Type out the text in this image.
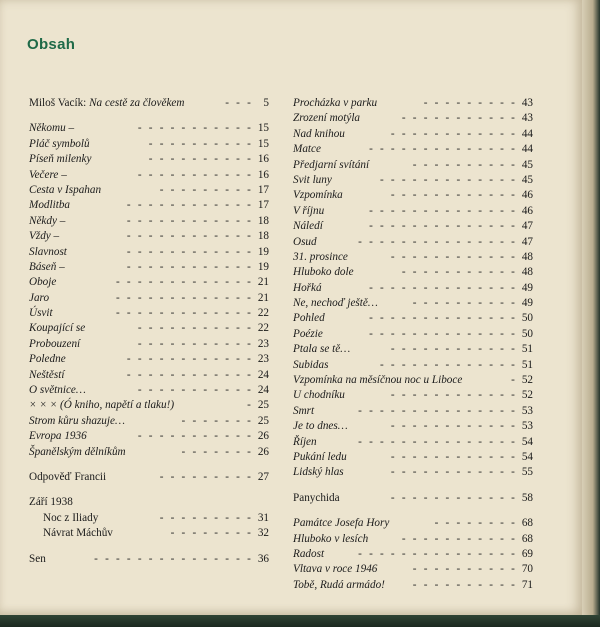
Obsah
Miloš Vacík: Na cestě za člověkem	- - - 5
Někomu –	- - - - - - - - - - - 15
Pláč symbolů	- - - - - - - - - - 15
Píseň milenky	- - - - - - - - - - 16
Večere –	- - - - - - - - - - - 16
Cesta v Ispahan	- - - - - - - - - 17
Modlitba	- - - - - - - - - - - - 17
Někdy –	- - - - - - - - - - - - 18
Vždy –	- - - - - - - - - - - - 18
Slavnost	- - - - - - - - - - - - 19
Báseň –	- - - - - - - - - - - - 19
Oboje	- - - - - - - - - - - - - 21
Jaro	- - - - - - - - - - - - - 21
Úsvit	- - - - - - - - - - - - - 22
Koupající se	- - - - - - - - - - - 22
Probouzení	- - - - - - - - - - - 23
Poledne	- - - - - - - - - - - - 23
Neštěstí	- - - - - - - - - - - - 24
O světnice…	- - - - - - - - - - - 24
× × × (Ó kniho, napětí a tlaku!)	- 25
Strom kůru shazuje…	- - - - - - - 25
Evropa 1936	- - - - - - - - - - - 26
Španělským dělníkům	- - - - - - - 26
Odpověď Francii	- - - - - - - - - 27
Září 1938
Noc z Iliady	- - - - - - - - - 31
Návrat Máchův	- - - - - - - - 32
Sen	- - - - - - - - - - - - - - - 36
Procházka v parku	- - - - - - - - - 43
Zrození motýla	- - - - - - - - - - - 43
Nad knihou	- - - - - - - - - - - - 44
Matce	- - - - - - - - - - - - - - 44
Předjarní svítání	- - - - - - - - - - 45
Svit luny	- - - - - - - - - - - - - 45
Vzpomínka	- - - - - - - - - - - - 46
V říjnu	- - - - - - - - - - - - - - 46
Náledí	- - - - - - - - - - - - - - 47
Osud	- - - - - - - - - - - - - - - 47
31. prosince	- - - - - - - - - - - - 48
Hluboko dole	- - - - - - - - - - - 48
Hořká	- - - - - - - - - - - - - - 49
Ne, nechoď ještě…	- - - - - - - - - - 49
Pohled	- - - - - - - - - - - - - - 50
Poézie	- - - - - - - - - - - - - - 50
Ptala se tě…	- - - - - - - - - - - - 51
Subidas	- - - - - - - - - - - - - 51
Vzpomínka na měsíčnou noc u Liboce	- 52
U chodníku	- - - - - - - - - - - - 52
Smrt	- - - - - - - - - - - - - - - 53
Je to dnes…	- - - - - - - - - - - - 53
Říjen	- - - - - - - - - - - - - - - 54
Pukání ledu	- - - - - - - - - - - - 54
Lidský hlas	- - - - - - - - - - - - 55
Panychida	- - - - - - - - - - - - 58
Památce Josefa Hory	- - - - - - - - 68
Hluboko v lesích	- - - - - - - - - - - 68
Radost	- - - - - - - - - - - - - - - 69
Vltava v roce 1946	- - - - - - - - - - 70
Tobě, Rudá armádo! - - - - - - - - - - 71
